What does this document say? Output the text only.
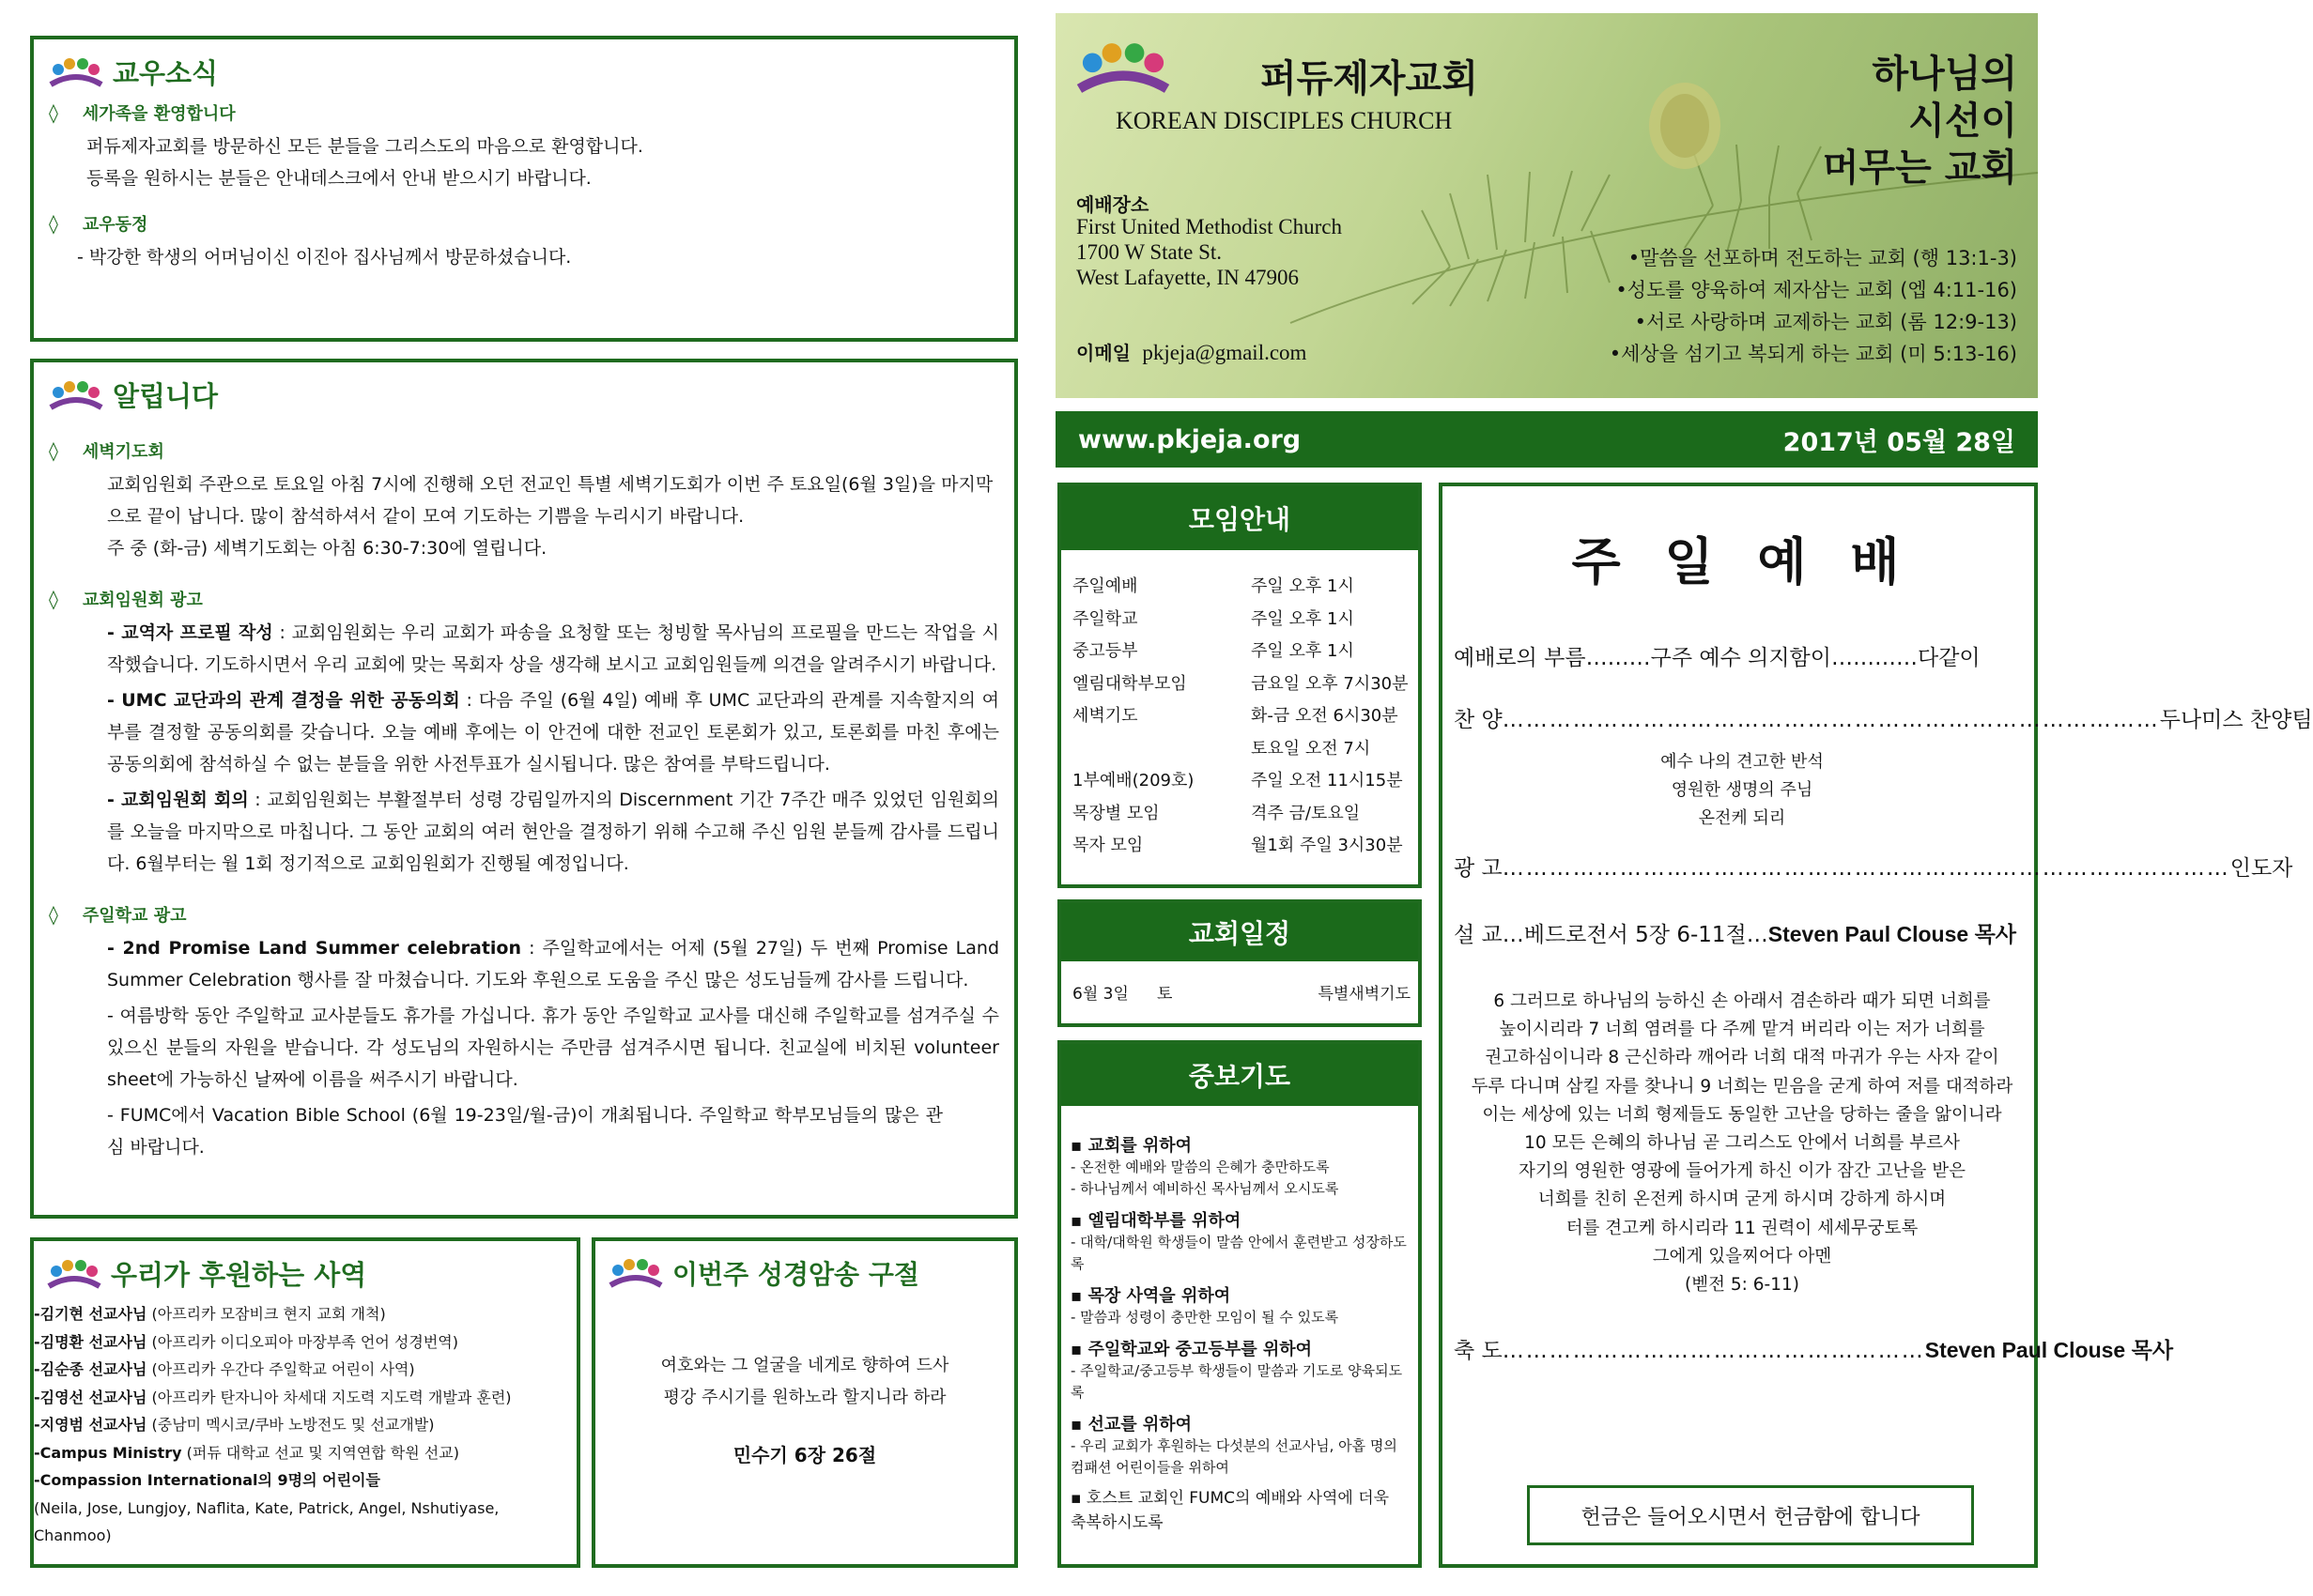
교우소식
◊ 세가족을 환영합니다
퍼듀제자교회를 방문하신 모든 분들을 그리스도의 마음으로 환영합니다.
등록을 원하시는 분들은 안내데스크에서 안내 받으시기 바랍니다.
◊ 교우동정
- 박강한 학생의 어머님이신 이진아 집사님께서 방문하셨습니다.
알립니다
◊ 세벽기도회
교회임원회 주관으로 토요일 아침 7시에 진행해 오던 전교인 특별 세벽기도회가 이번 주 토요일(6월 3일)을 마지막
으로 끝이 납니다. 많이 참석하셔서 같이 모여 기도하는 기쁨을 누리시기 바랍니다.
주 중 (화-금) 세벽기도회는 아침 6:30-7:30에 열립니다.
◊ 교회임원회 광고
- 교역자 프로필 작성 : 교회임원회는 우리 교회가 파송을 요청할 또는 청빙할 목사님의 프로필을 만드는 작업을 시작했습니다. 기도하시면서 우리 교회에 맞는 목회자 상을 생각해 보시고 교회임원들께 의견을 알려주시기 바랍니다.
- UMC 교단과의 관계 결정을 위한 공동의회 : 다음 주일 (6월 4일) 예배 후 UMC 교단과의 관계를 지속할지의 여부를 결정할 공동의회를 갖습니다. 오늘 예배 후에는 이 안건에 대한 전교인 토론회가 있고, 토론회를 마친 후에는 공동의회에 참석하실 수 없는 분들을 위한 사전투표가 실시됩니다. 많은 참여를 부탁드립니다.
- 교회임원회 회의 : 교회임원회는 부활절부터 성령 강림일까지의 Discernment 기간 7주간 매주 있었던 임원회의를 오늘을 마지막으로 마칩니다. 그 동안 교회의 여러 현안을 결정하기 위해 수고해 주신 임원 분들께 감사를 드립니다. 6월부터는 월 1회 정기적으로 교회임원회가 진행될 예정입니다.
◊ 주일학교 광고
- 2nd Promise Land Summer celebration : 주일학교에서는 어제 (5월 27일) 두 번째 Promise Land Summer Celebration 행사를 잘 마쳤습니다. 기도와 후원으로 도움을 주신 많은 성도님들께 감사를 드립니다.
- 여름방학 동안 주일학교 교사분들도 휴가를 가십니다. 휴가 동안 주일학교 교사를 대신해 주일학교를 섬겨주실 수 있으신 분들의 자원을 받습니다. 각 성도님의 자원하시는 주만큼 섬겨주시면 됩니다. 친교실에 비치된 volunteer sheet에 가능하신 날짜에 이름을 써주시기 바랍니다.
- FUMC에서 Vacation Bible School (6월 19-23일/월-금)이 개최됩니다. 주일학교 학부모님들의 많은 관심 바랍니다.
우리가 후원하는 사역
-김기현 선교사님 (아프리카 모잠비크 현지 교회 개척)
-김명환 선교사님 (아프리카 이디오피아 마장부족 언어 성경번역)
-김순종 선교사님 (아프리카 우간다 주일학교 어린이 사역)
-김영선 선교사님 (아프리카 탄자니아 차세대 지도력 지도력 개발과 훈련)
-지영범 선교사님 (중남미 멕시코/쿠바 노방전도 및 선교개발)
-Campus Ministry (퍼듀 대학교 선교 및 지역연합 학원 선교)
-Compassion International의 9명의 어린이들
(Neila, Jose, Lungjoy, Naflita, Kate, Patrick, Angel, Nshutiyase, Chanmoo)
이번주 성경암송 구절
여호와는 그 얼굴을 네게로 향하여 드사
평강 주시기를 원하노라 할지니라 하라
민수기 6장 26절
퍼듀제자교회
KOREAN DISCIPLES CHURCH
하나님의
시선이
머무는 교회
예배장소
First United Methodist Church
1700 W State St.
West Lafayette, IN 47906
이메일 pkjeja@gmail.com
•말씀을 선포하며 전도하는 교회 (행 13:1-3)
•성도를 양육하여 제자삼는 교회 (엡 4:11-16)
•서로 사랑하며 교제하는 교회 (롬 12:9-13)
•세상을 섬기고 복되게 하는 교회 (미 5:13-16)
www.pkjeja.org	2017년 05월 28일
모임안내
주일예배	주일 오후 1시
주일학교	주일 오후 1시
중고등부	주일 오후 1시
엘림대학부모임	금요일 오후 7시30분
세벽기도	화-금 오전 6시30분
토요일 오전 7시
1부예배(209호)	주일 오전 11시15분
목장별 모임	격주 금/토요일
목자 모임	월1회 주일 3시30분
교회일정
6월 3일	토	특별새벽기도
중보기도
▪ 교회를 위하여
- 온전한 예배와 말씀의 은혜가 충만하도록
- 하나님께서 예비하신 목사님께서 오시도록
▪ 엘림대학부를 위하여
- 대학/대학원 학생들이 말씀 안에서 훈련받고 성장하도록
▪ 목장 사역을 위하여
- 말씀과 성령이 충만한 모임이 될 수 있도록
▪ 주일학교와 중고등부를 위하여
- 주일학교/중고등부 학생들이 말씀과 기도로 양육되도록
▪ 선교를 위하여
- 우리 교회가 후원하는 다섯분의 선교사님, 아홉 명의 컴패션 어린이들을 위하여
▪ 호스트 교회인 FUMC의 예배와 사역에 더욱 축복하시도록
주 일 예 배
예배로의 부름 ……… 구주 예수 의지함이 ………… 다같이
찬 양 ………………………………………………………………………… 두나미스 찬양팀
예수 나의 견고한 반석
영원한 생명의 주님
온전케 되리
광 고 ………………………………………………………………………………… 인도자
설 교 … 베드로전서 5장 6-11절 … Steven Paul Clouse 목사
6 그러므로 하나님의 능하신 손 아래서 겸손하라 때가 되면 너희를
높이시리라 7 너희 염려를 다 주께 맡겨 버리라 이는 저가 너희를
권고하심이니라 8 근신하라 깨어라 너희 대적 마귀가 우는 사자 같이
두루 다니며 삼킬 자를 찾나니 9 너희는 믿음을 굳게 하여 저를 대적하라
이는 세상에 있는 너희 형제들도 동일한 고난을 당하는 줄을 앎이니라
10 모든 은혜의 하나님 곧 그리스도 안에서 너희를 부르사
자기의 영원한 영광에 들어가게 하신 이가 잠간 고난을 받은
너희를 친히 온전케 하시며 굳게 하시며 강하게 하시며
터를 견고케 하시리라 11 권력이 세세무궁토록
그에게 있을찌어다 아멘
(벧전 5: 6-11)
축 도 ……………………………………………… Steven Paul Clouse 목사
헌금은 들어오시면서 헌금함에 합니다
